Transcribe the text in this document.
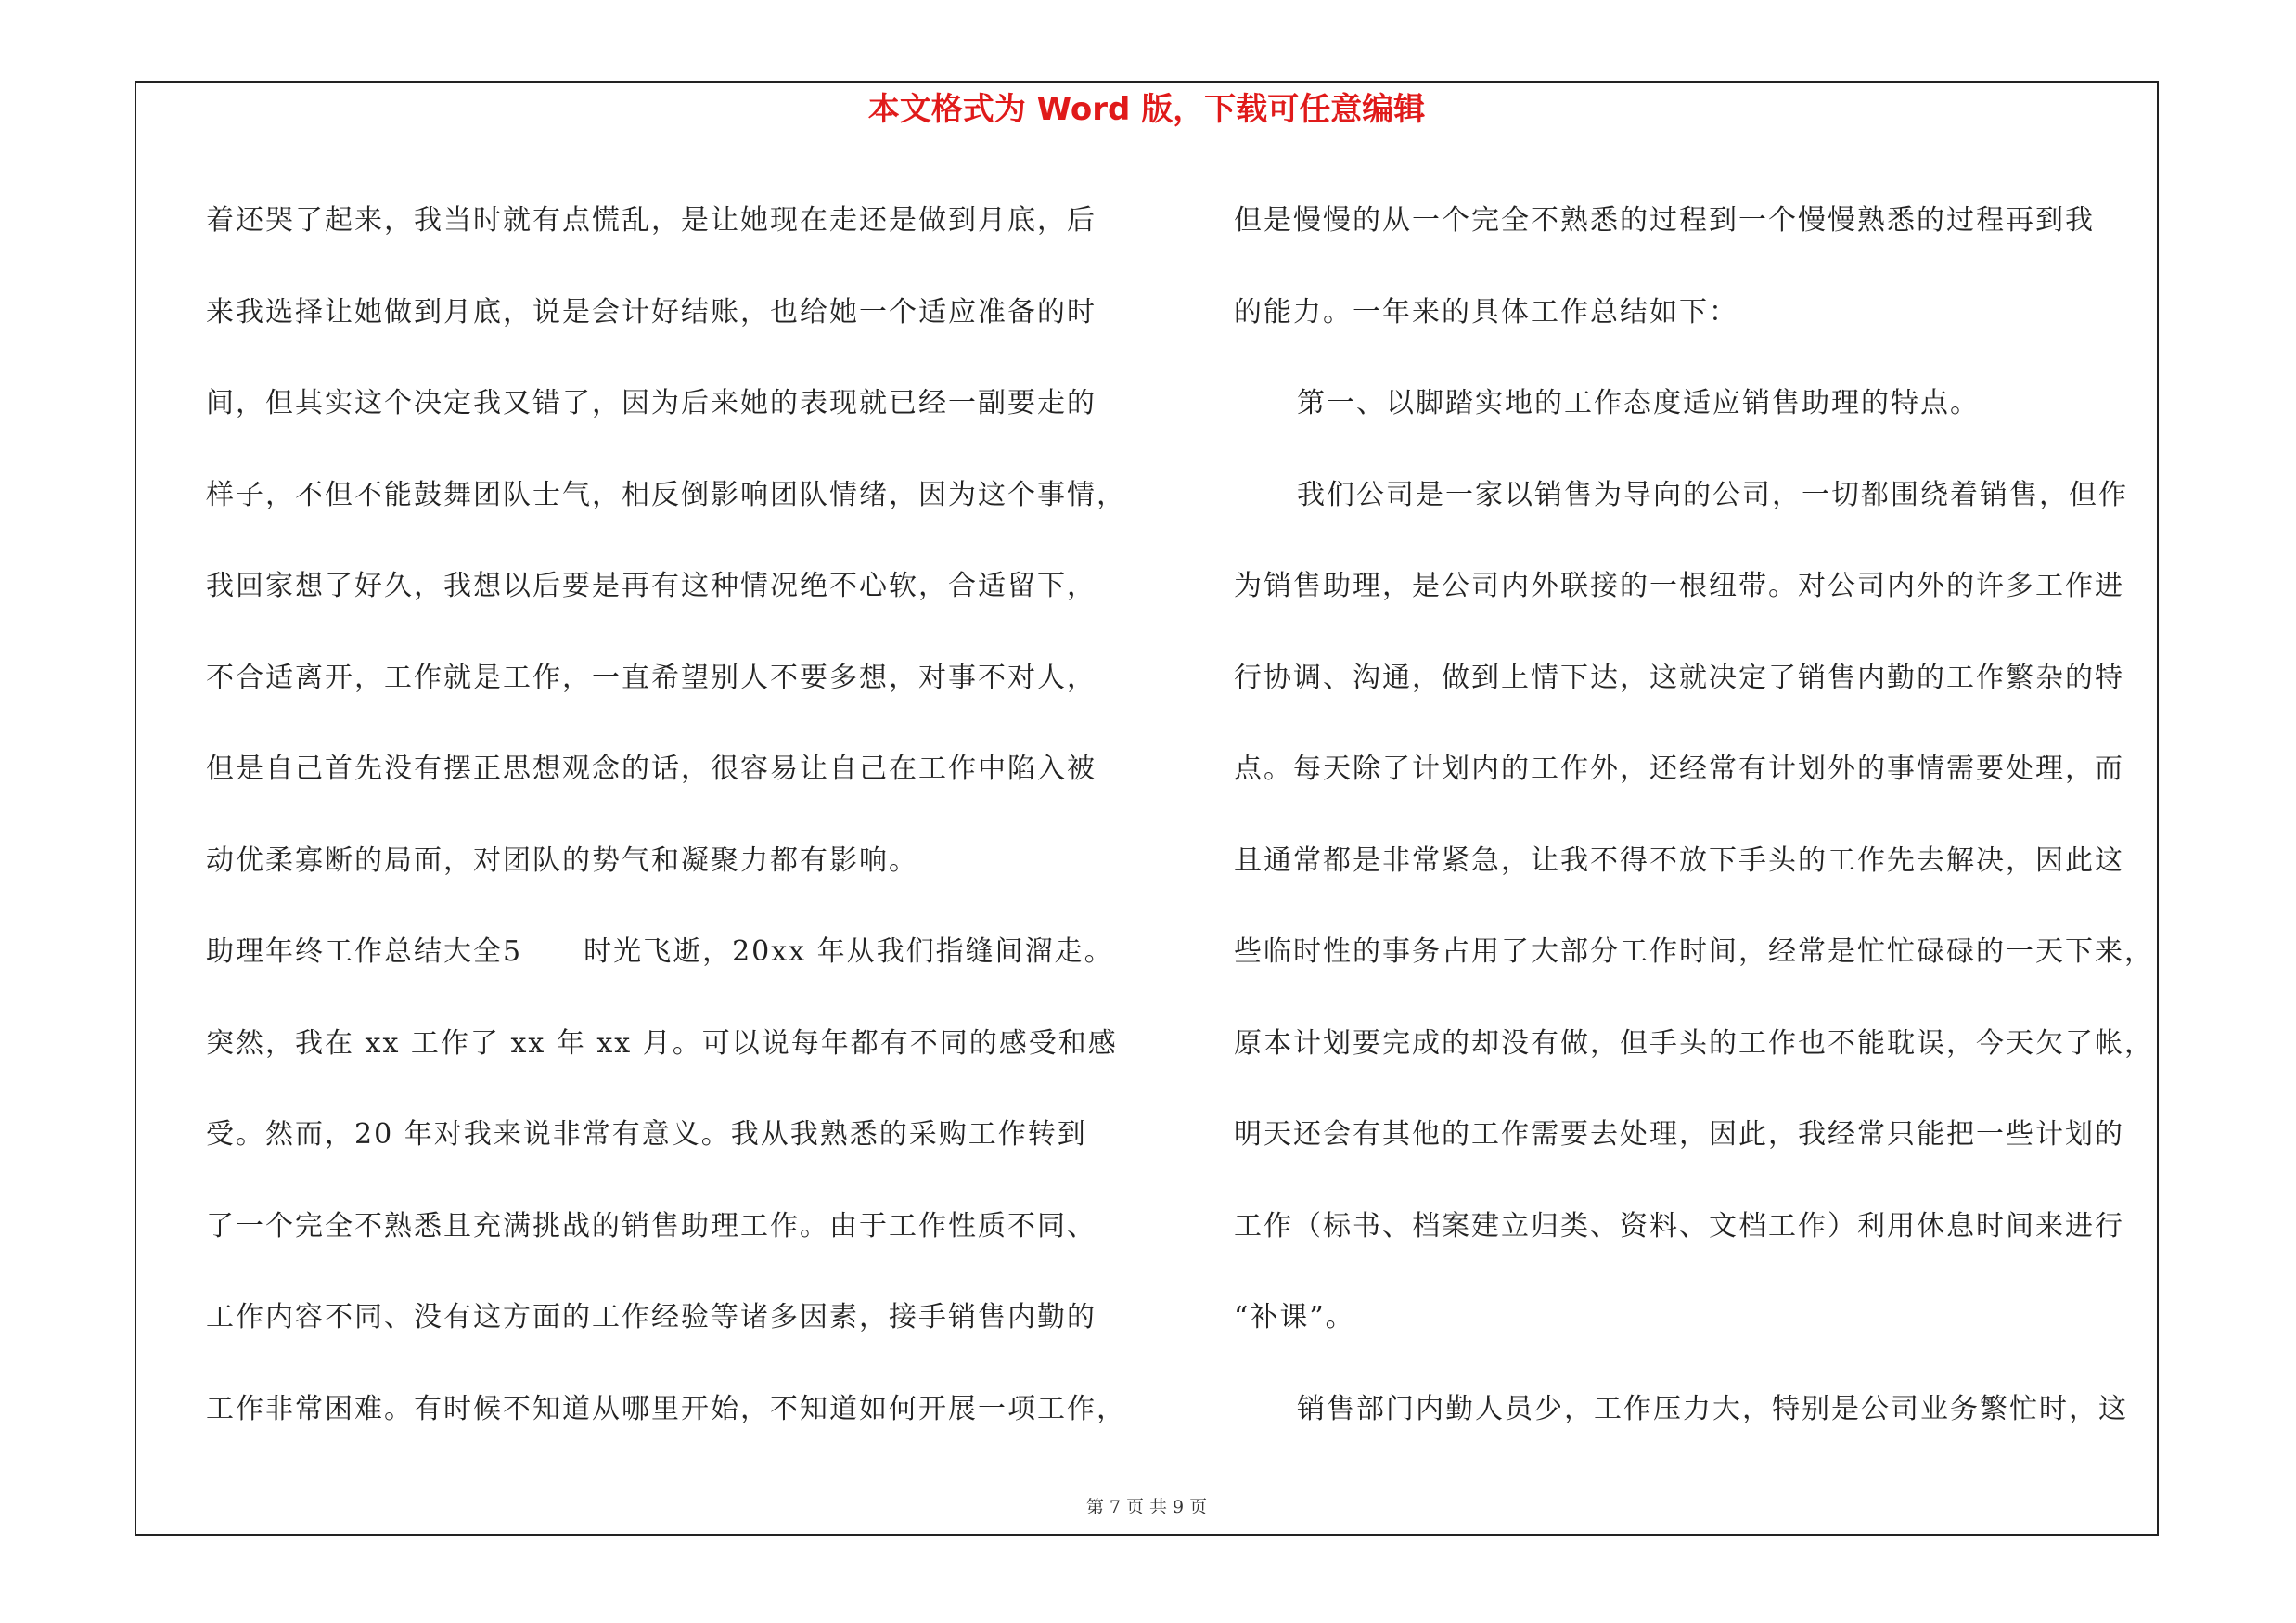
本文格式为 Word 版，下载可任意编辑
着还哭了起来，我当时就有点慌乱，是让她现在走还是做到月底，后
来我选择让她做到月底，说是会计好结账，也给她一个适应准备的时
间，但其实这个决定我又错了，因为后来她的表现就已经一副要走的
样子，不但不能鼓舞团队士气，相反倒影响团队情绪，因为这个事情，
我回家想了好久，我想以后要是再有这种情况绝不心软，合适留下，
不合适离开，工作就是工作，一直希望别人不要多想，对事不对人，
但是自己首先没有摆正思想观念的话，很容易让自己在工作中陷入被
动优柔寡断的局面，对团队的势气和凝聚力都有影响。
助理年终工作总结大全5 时光飞逝，20xx 年从我们指缝间溜走。
突然，我在 xx 工作了 xx 年 xx 月。可以说每年都有不同的感受和感
受。然而，20 年对我来说非常有意义。我从我熟悉的采购工作转到
了一个完全不熟悉且充满挑战的销售助理工作。由于工作性质不同、
工作内容不同、没有这方面的工作经验等诸多因素，接手销售内勤的
工作非常困难。有时候不知道从哪里开始，不知道如何开展一项工作，
但是慢慢的从一个完全不熟悉的过程到一个慢慢熟悉的过程再到我
的能力。一年来的具体工作总结如下：
第一、以脚踏实地的工作态度适应销售助理的特点。
我们公司是一家以销售为导向的公司，一切都围绕着销售，但作
为销售助理，是公司内外联接的一根纽带。对公司内外的许多工作进
行协调、沟通，做到上情下达，这就决定了销售内勤的工作繁杂的特
点。每天除了计划内的工作外，还经常有计划外的事情需要处理，而
且通常都是非常紧急，让我不得不放下手头的工作先去解决，因此这
些临时性的事务占用了大部分工作时间，经常是忙忙碌碌的一天下来，
原本计划要完成的却没有做，但手头的工作也不能耽误，今天欠了帐，
明天还会有其他的工作需要去处理，因此，我经常只能把一些计划的
工作（标书、档案建立归类、资料、文档工作）利用休息时间来进行
“补课”。
销售部门内勤人员少，工作压力大，特别是公司业务繁忙时，这
第 7 页 共 9 页
